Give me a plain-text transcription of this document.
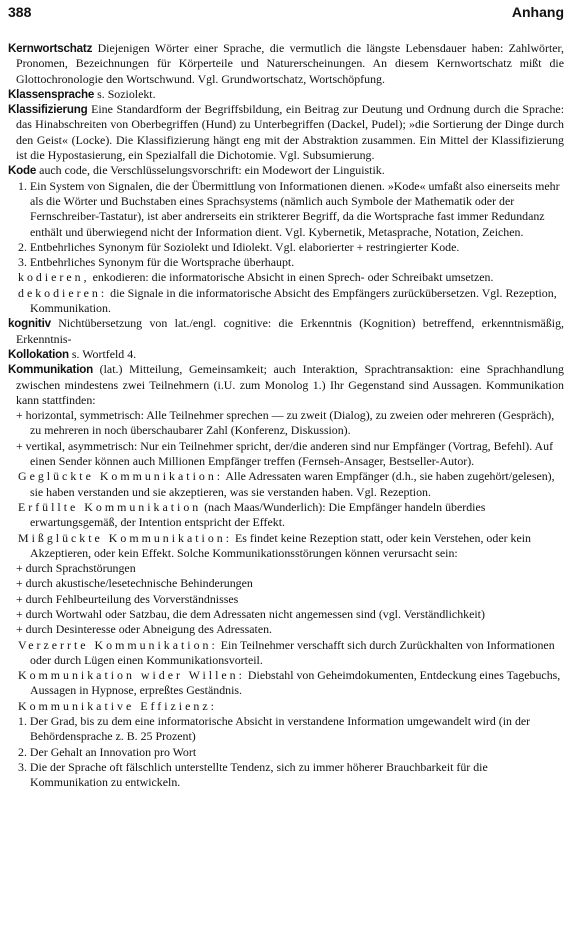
388	Anhang
Kernwortschatz Diejenigen Wörter einer Sprache, die vermutlich die längste Lebensdauer haben: Zahlwörter, Pronomen, Bezeichnungen für Körperteile und Naturerscheinungen. An diesem Kernwortschatz mißt die Glottochronologie den Wortschwund. Vgl. Grundwortschatz, Wortschöpfung.
Klassensprache s. Soziolekt.
Klassifizierung Eine Standardform der Begriffsbildung, ein Beitrag zur Deutung und Ordnung durch die Sprache: das Hinabschreiten von Oberbegriffen (Hund) zu Unterbegriffen (Dackel, Pudel); »die Sortierung der Dinge durch den Geist« (Locke). Die Klassifizierung hängt eng mit der Abstraktion zusammen. Ein Mittel der Klassifizierung ist die Hypostasierung, ein Spezialfall die Dichotomie. Vgl. Subsumierung.
Kode auch code, die Verschlüsselungsvorschrift: ein Modewort der Linguistik.
1. Ein System von Signalen, die der Übermittlung von Informationen dienen. »Kode« umfaßt also einerseits mehr als die Wörter und Buchstaben eines Sprachsystems (nämlich auch Symbole der Mathematik oder der Fernschreiber-Tastatur), ist aber andrerseits ein strikterer Begriff, da die Wortsprache fast immer Redundanz enthält und überwiegend nicht der Information dient. Vgl. Kybernetik, Metasprache, Notation, Zeichen.
2. Entbehrliches Synonym für Soziolekt und Idiolekt. Vgl. elaborierter + restringierter Kode.
3. Entbehrliches Synonym für die Wortsprache überhaupt.
kodieren, enkodieren: die informatorische Absicht in einen Sprech- oder Schreibakt umsetzen.
dekodieren: die Signale in die informatorische Absicht des Empfängers zurückübersetzen. Vgl. Rezeption, Kommunikation.
kognitiv Nichtübersetzung von lat./engl. cognitive: die Erkenntnis (Kognition) betreffend, erkenntnismäßig, Erkenntnis-
Kollokation s. Wortfeld 4.
Kommunikation (lat.) Mitteilung, Gemeinsamkeit; auch Interaktion, Sprachtransaktion: eine Sprachhandlung zwischen mindestens zwei Teilnehmern (i.U. zum Monolog 1.) Ihr Gegenstand sind Aussagen. Kommunikation kann stattfinden:
+ horizontal, symmetrisch: Alle Teilnehmer sprechen — zu zweit (Dialog), zu zweien oder mehreren (Gespräch), zu mehreren in noch überschaubarer Zahl (Konferenz, Diskussion).
+ vertikal, asymmetrisch: Nur ein Teilnehmer spricht, der/die anderen sind nur Empfänger (Vortrag, Befehl). Auf einen Sender können auch Millionen Empfänger treffen (Fernseh-Ansager, Bestseller-Autor).
Geglückte Kommunikation: Alle Adressaten waren Empfänger (d.h., sie haben zugehört/gelesen), sie haben verstanden und sie akzeptieren, was sie verstanden haben. Vgl. Rezeption.
Erfüllte Kommunikation (nach Maas/Wunderlich): Die Empfänger handeln überdies erwartungsgemäß, der Intention entspricht der Effekt.
Mißglückte Kommunikation: Es findet keine Rezeption statt, oder kein Verstehen, oder kein Akzeptieren, oder kein Effekt. Solche Kommunikationsstörungen können verursacht sein:
+ durch Sprachstörungen
+ durch akustische/lesetechnische Behinderungen
+ durch Fehlbeurteilung des Vorverständnisses
+ durch Wortwahl oder Satzbau, die dem Adressaten nicht angemessen sind (vgl. Verständlichkeit)
+ durch Desinteresse oder Abneigung des Adressaten.
Verzerrte Kommunikation: Ein Teilnehmer verschafft sich durch Zurückhalten von Informationen oder durch Lügen einen Kommunikationsvorteil.
Kommunikation wider Willen: Diebstahl von Geheimdokumenten, Entdeckung eines Tagebuchs, Aussagen in Hypnose, erpreßtes Geständnis.
Kommunikative Effizienz:
1. Der Grad, bis zu dem eine informatorische Absicht in verstandene Information umgewandelt wird (in der Behördensprache z. B. 25 Prozent)
2. Der Gehalt an Innovation pro Wort
3. Die der Sprache oft fälschlich unterstellte Tendenz, sich zu immer höherer Brauchbarkeit für die Kommunikation zu entwickeln.
